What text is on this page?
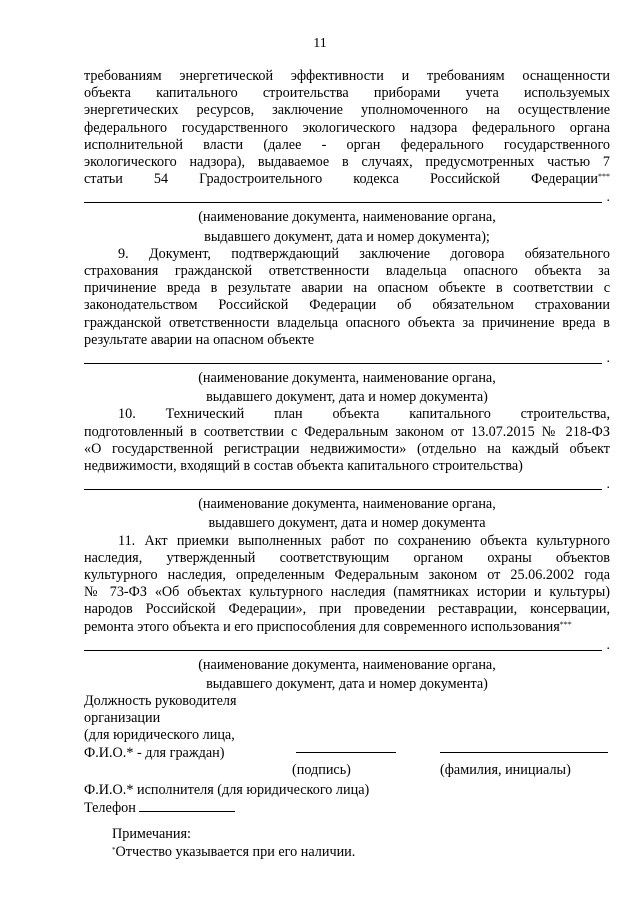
11
требованиям энергетической эффективности и требованиям оснащенности
объекта капитального строительства приборами учета используемых
энергетических ресурсов, заключение уполномоченного на осуществление
федерального государственного экологического надзора федерального органа
исполнительной власти (далее - орган федерального государственного
экологического надзора), выдаваемое в случаях, предусмотренных частью 7
статьи 54 Градостроительного кодекса Российской Федерации***
.
(наименование документа, наименование органа,
выдавшего документ, дата и номер документа);
9. Документ, подтверждающий заключение договора обязательного
страхования гражданской ответственности владельца опасного объекта за
причинение вреда в результате аварии на опасном объекте в соответствии с
законодательством Российской Федерации об обязательном страховании
гражданской ответственности владельца опасного объекта за причинение вреда в
результате аварии на опасном объекте
.
(наименование документа, наименование органа,
выдавшего документ, дата и номер документа)
10. Технический план объекта капитального строительства,
подготовленный в соответствии с Федеральным законом от 13.07.2015 № 218-ФЗ
«О государственной регистрации недвижимости» (отдельно на каждый объект
недвижимости, входящий в состав объекта капитального строительства)
.
(наименование документа, наименование органа,
выдавшего документ, дата и номер документа
11. Акт приемки выполненных работ по сохранению объекта культурного
наследия, утвержденный соответствующим органом охраны объектов
культурного наследия, определенным Федеральным законом от 25.06.2002 года
№ 73-ФЗ «Об объектах культурного наследия (памятниках истории и культуры)
народов Российской Федерации», при проведении реставрации, консервации,
ремонта этого объекта и его приспособления для современного использования***
.
(наименование документа, наименование органа,
выдавшего документ, дата и номер документа)
Должность руководителя
организации
(для юридического лица,
Ф.И.О.* - для граждан)
(подпись)	(фамилия, инициалы)
Ф.И.О.* исполнителя (для юридического лица)
Телефон
Примечания:
*Отчество указывается при его наличии.
